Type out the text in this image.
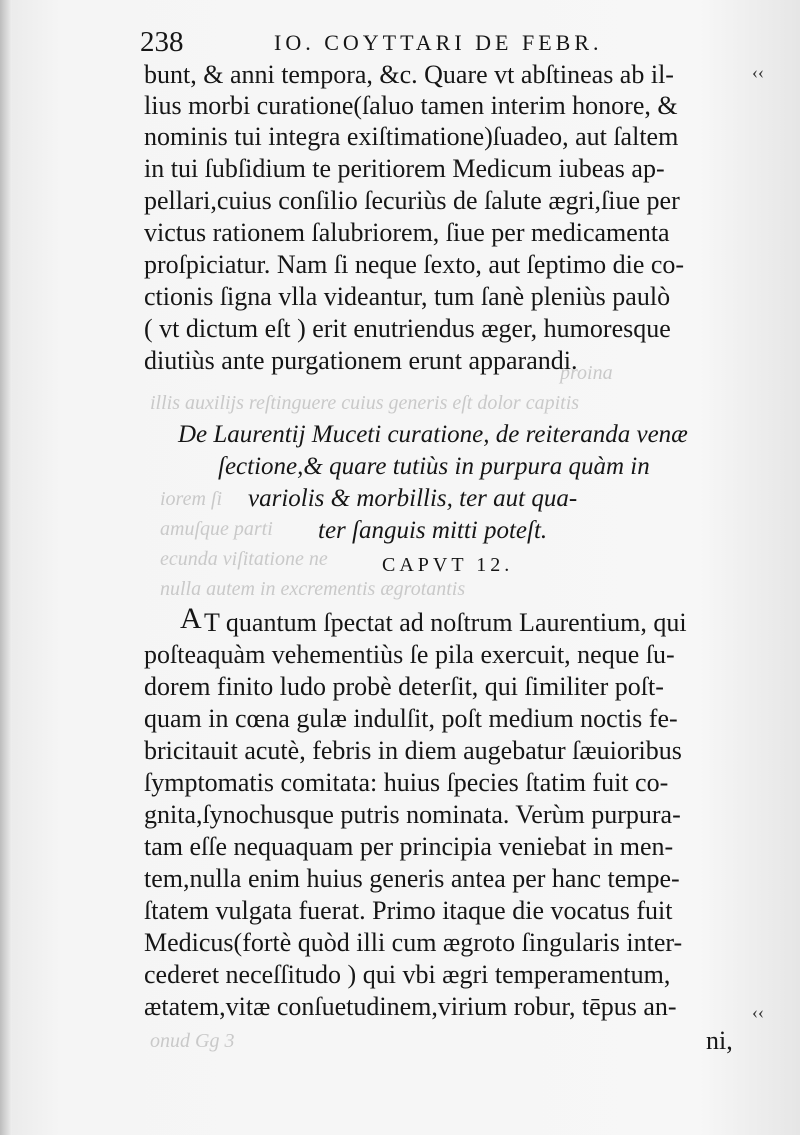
proina
illis auxilijs reſtinguere cuius generis eſt dolor capitis
iorem ſi
amuſque parti
ecunda viſitatione ne
nulla autem in excrementis ægrotantis
onud Gg 3
238	IO. COYTTARI DE FEBR.
‹‹
‹‹
bunt, & anni tempora, &c. Quare vt abſtineas ab il-
lius morbi curatione(ſaluo tamen interim honore, &
nominis tui integra exiſtimatione)ſuadeo, aut ſaltem
in tui ſubſidium te peritiorem Medicum iubeas ap-
pellari,cuius conſilio ſecuriùs de ſalute ægri,ſiue per
victus rationem ſalubriorem, ſiue per medicamenta
proſpiciatur. Nam ſi neque ſexto, aut ſeptimo die co-
ctionis ſigna vlla videantur, tum ſanè pleniùs paulò
( vt dictum eſt ) erit enutriendus æger, humoresque
diutiùs ante purgationem erunt apparandi.
De Laurentij Muceti curatione, de reiteranda venæ
ſectione,& quare tutiùs in purpura quàm in
variolis & morbillis, ter aut qua-
ter ſanguis mitti poteſt.
CAPVT 12.
A T quantum ſpectat ad noſtrum Laurentium, qui
poſteaquàm vehementiùs ſe pila exercuit, neque ſu-
dorem finito ludo probè deterſit, qui ſimiliter poſt-
quam in cœna gulæ indulſit, poſt medium noctis fe-
bricitauit acutè, febris in diem augebatur ſæuioribus
ſymptomatis comitata: huius ſpecies ſtatim fuit co-
gnita,ſynochusque putris nominata. Verùm purpura-
tam eſſe nequaquam per principia veniebat in men-
tem,nulla enim huius generis antea per hanc tempe-
ſtatem vulgata fuerat. Primo itaque die vocatus fuit
Medicus(fortè quòd illi cum ægroto ſingularis inter-
cederet neceſſitudo ) qui vbi ægri temperamentum,
ætatem,vitæ conſuetudinem,virium robur, tēpus an-
ni,
